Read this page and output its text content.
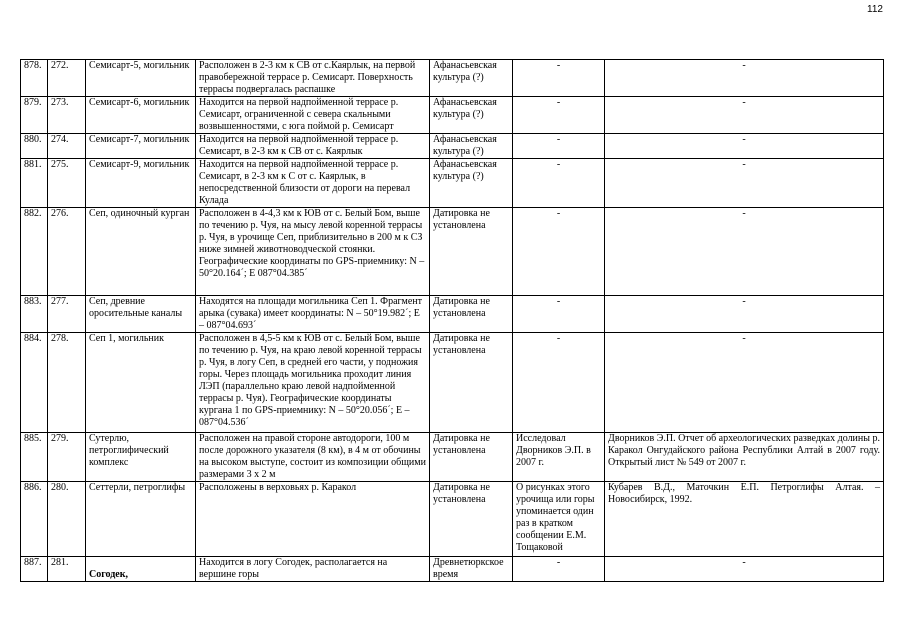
112
878.	272.	Семисарт-5, могильник	Расположен в 2-3 км к СВ от с.Каярлык, на первой правобережной террасе р. Семисарт. Поверхность террасы подвергалась распашке	Афанасьевская культура (?)	-	-
879.	273.	Семисарт-6, могильник	Находится на первой надпойменной террасе р. Семисарт, ограниченной с севера скальными возвышенностями, с юга поймой р. Семисарт	Афанасьевская культура (?)	-	-
880.	274.	Семисарт-7, могильник	Находится на первой надпойменной террасе р. Семисарт, в 2-3 км к СВ от с. Каярлык	Афанасьевская культура (?)	-	-
881.	275.	Семисарт-9, могильник	Находится на первой надпойменной террасе р. Семисарт, в 2-3 км к С от с. Каярлык, в непосредственной близости от дороги на перевал Кулада	Афанасьевская культура (?)	-	-
882.	276.	Сеп, одиночный курган	Расположен в 4-4,3 км к ЮВ от с. Белый Бом, выше по течению р. Чуя, на мысу левой коренной террасы р. Чуя, в урочище Сеп, приблизительно в 200 м к СЗ ниже зимней животноводческой стоянки. Географические координаты по GPS-приемнику: N – 50°20.164´; E 087°04.385´	Датировка не установлена	-	-
883.	277.	Сеп, древние оросительные каналы	Находятся на площади могильника Сеп 1. Фрагмент арыка (сувака) имеет координаты: N – 50°19.982´; E – 087°04.693´	Датировка не установлена	-	-
884.	278.	Сеп 1, могильник	Расположен в 4,5-5 км к ЮВ от с. Белый Бом, выше по течению р. Чуя, на краю левой коренной террасы р. Чуя, в логу Сеп, в средней его части, у подножия горы. Через площадь могильника проходит линия ЛЭП (параллельно краю левой надпойменной террасы р. Чуя). Географические координаты кургана 1 по GPS-приемнику: N – 50°20.056´; E – 087°04.536´	Датировка не установлена	-	-
885.	279.	Сутерлю, петроглифический комплекс	Расположен на правой стороне автодороги, 100 м после дорожного указателя (8 км), в 4 м от обочины на высоком выступе, состоит из композиции общими размерами 3 х 2 м	Датировка не установлена	Исследовал Дворников Э.П. в 2007 г.	Дворников Э.П. Отчет об археологических разведках долины р. Каракол Онгудайского района Республики Алтай в 2007 году. Открытый лист № 549 от 2007 г.
886.	280.	Сеттерли, петроглифы	Расположены в верховьях р. Каракол	Датировка не установлена	О рисунках этого урочища или горы упоминается один раз в кратком сообщении Е.М. Тощаковой	Кубарев В.Д., Маточкин Е.П. Петроглифы Алтая. – Новосибирск, 1992.
887.	281.	Согодек,	Находится в логу Согодек, располагается на вершине горы	Древнетюркское время	-	-
